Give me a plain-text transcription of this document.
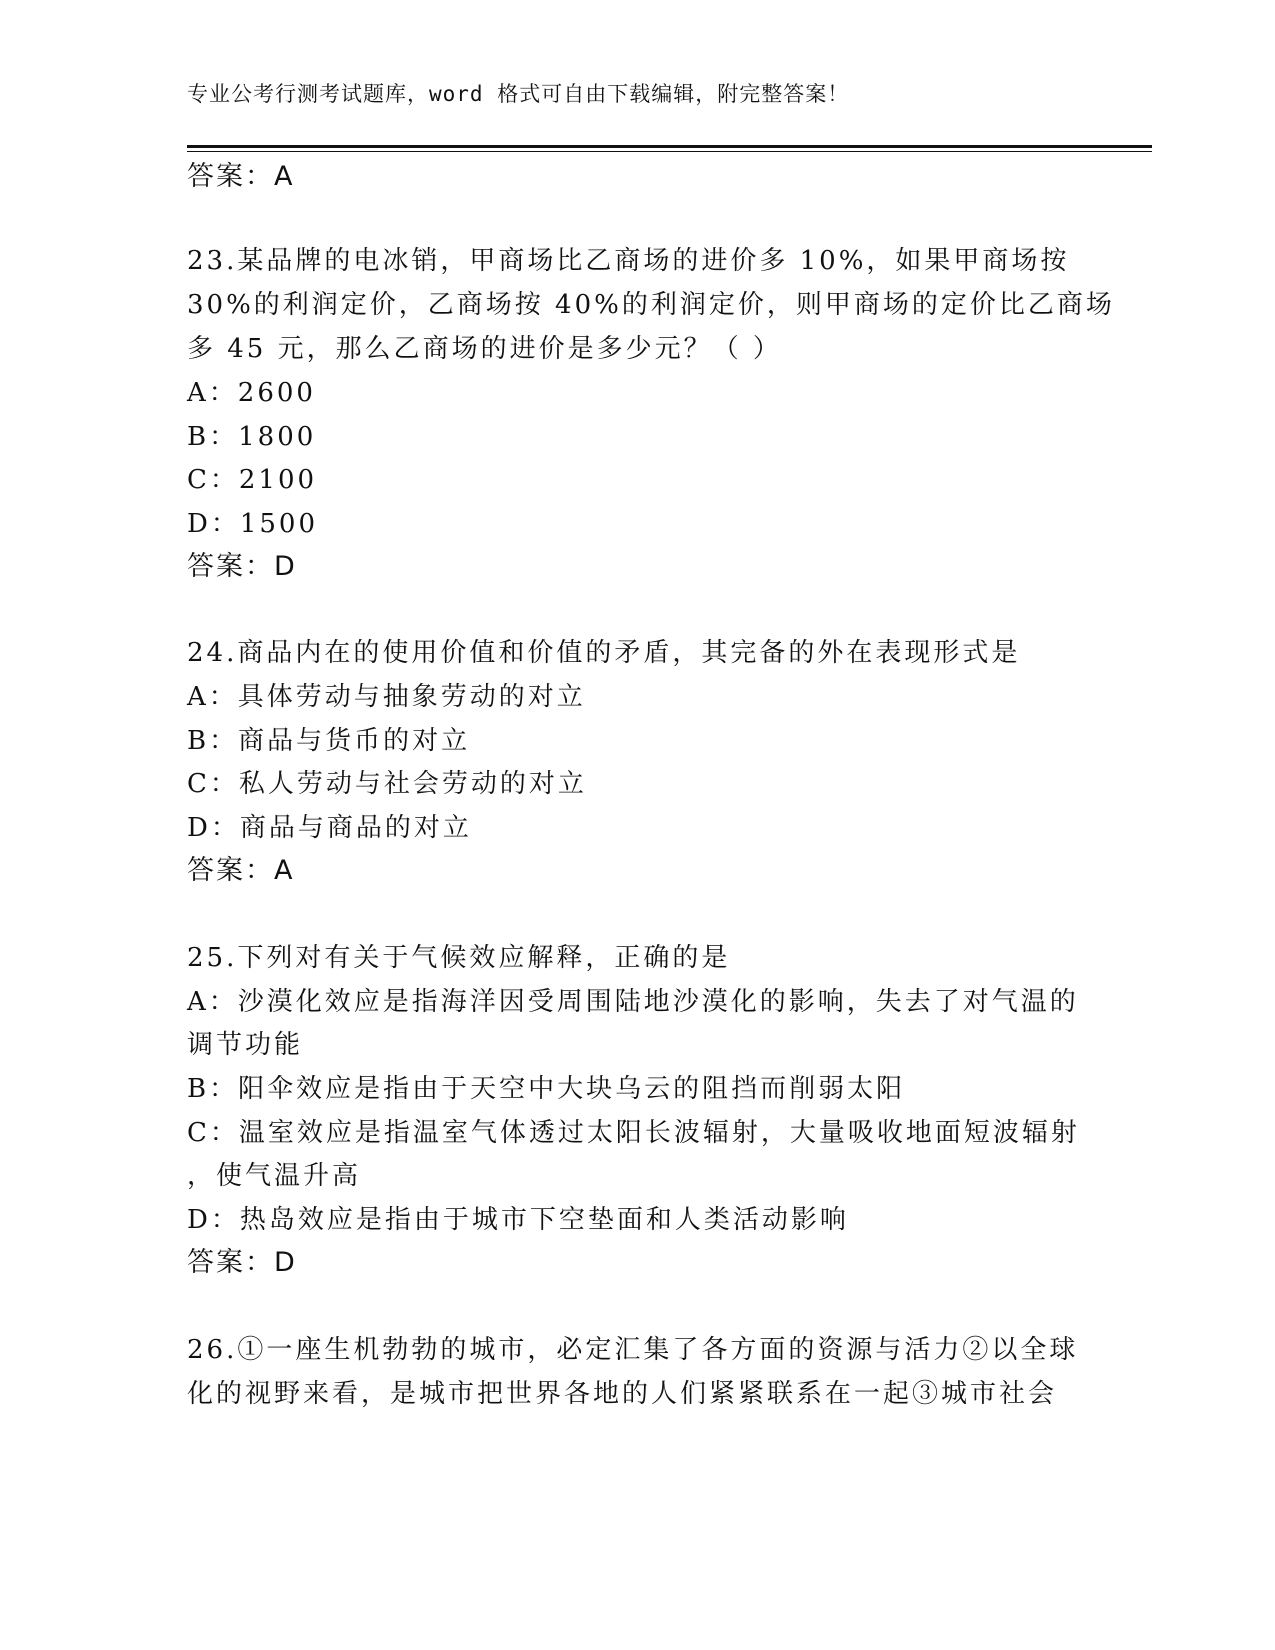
专业公考行测考试题库，word 格式可自由下载编辑，附完整答案！
答案：A
23.某品牌的电冰销，甲商场比乙商场的进价多 10%，如果甲商场按
30%的利润定价，乙商场按 40%的利润定价，则甲商场的定价比乙商场
多 45 元，那么乙商场的进价是多少元？（ ）
A：2600
B：1800
C：2100
D：1500
答案：D
24.商品内在的使用价值和价值的矛盾，其完备的外在表现形式是
A：具体劳动与抽象劳动的对立
B：商品与货币的对立
C：私人劳动与社会劳动的对立
D：商品与商品的对立
答案：A
25.下列对有关于气候效应解释，正确的是
A：沙漠化效应是指海洋因受周围陆地沙漠化的影响，失去了对气温的
调节功能
B：阳伞效应是指由于天空中大块乌云的阻挡而削弱太阳
C：温室效应是指温室气体透过太阳长波辐射，大量吸收地面短波辐射
，使气温升高
D：热岛效应是指由于城市下空垫面和人类活动影响
答案：D
26.①一座生机勃勃的城市，必定汇集了各方面的资源与活力②以全球
化的视野来看，是城市把世界各地的人们紧紧联系在一起③城市社会
